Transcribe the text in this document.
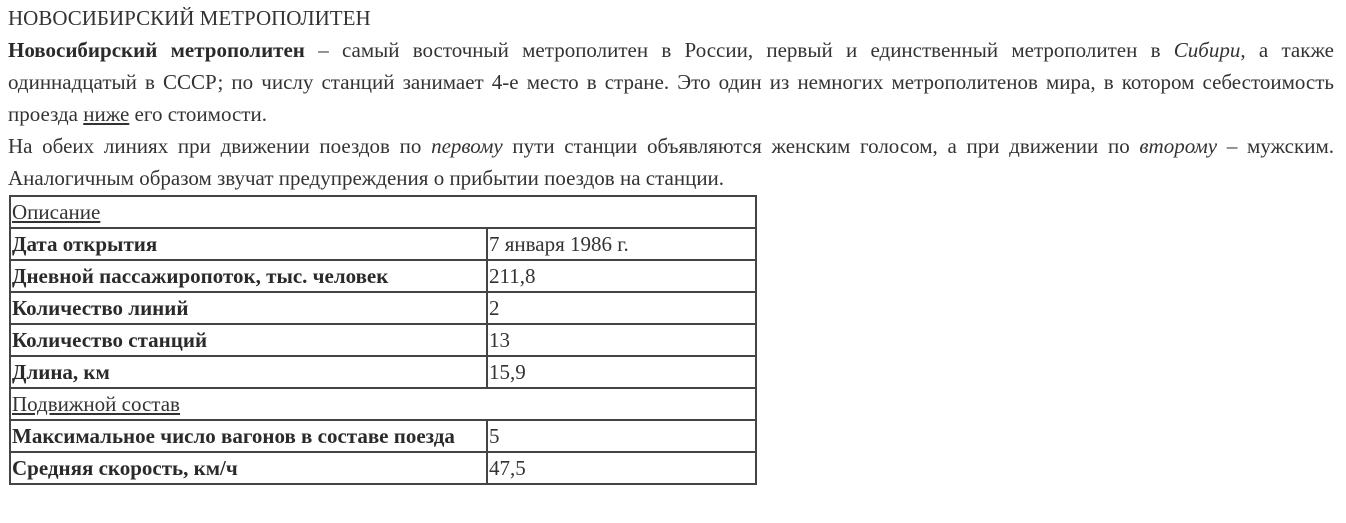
НОВОСИБИРСКИЙ МЕТРОПОЛИТЕН

Новосибирский метрополитен – самый восточный метрополитен в России, первый и единственный метрополитен в Сибири, а также одиннадцатый в СССР; по числу станций занимает 4-е место в стране. Это один из немногих метрополитенов мира, в котором себестоимость проезда ниже его стоимости.

На обеих линиях при движении поездов по первому пути станции объявляются женским голосом, а при движении по второму – мужским. Аналогичным образом звучат предупреждения о прибытии поездов на станции.

Описание	
Дата открытия	7 января 1986 г.
Дневной пассажиропоток, тыс. человек	211,8
Количество линий	2
Количество станций	13
Длина, км	15,9
Подвижной состав	
Максимальное число вагонов в составе поезда	5
Средняя скорость, км/ч	47,5
